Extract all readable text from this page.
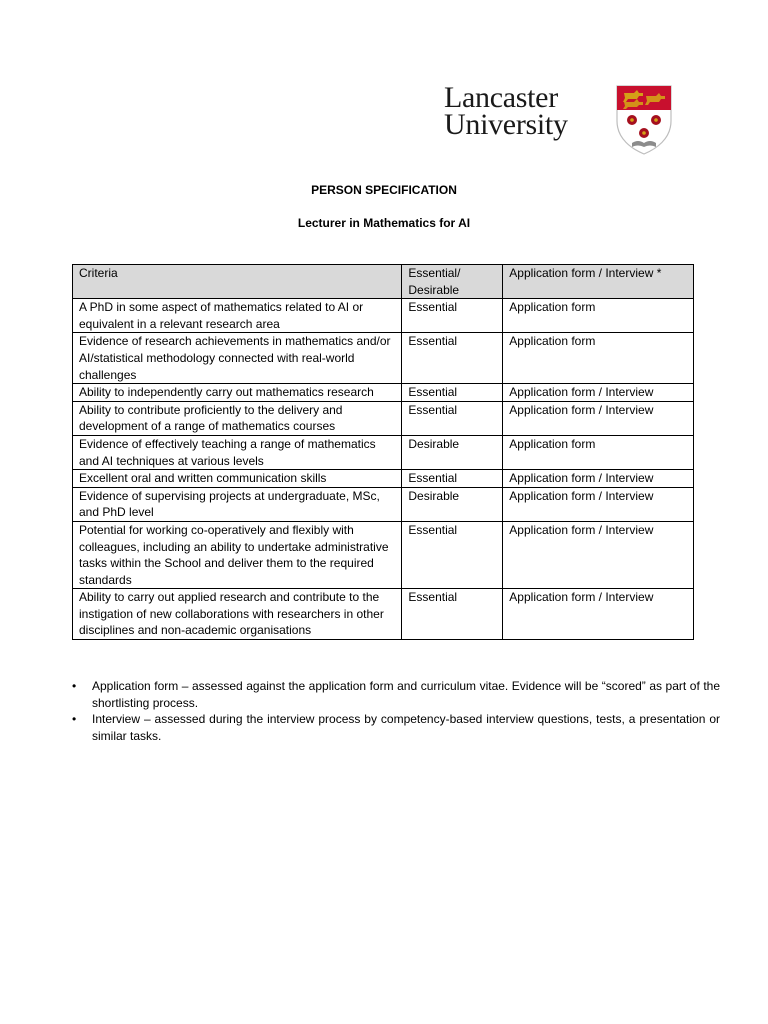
Lancaster
University
PERSON SPECIFICATION
Lecturer in Mathematics for AI
Criteria	Essential/ Desirable	Application form / Interview *
A PhD in some aspect of mathematics related to AI or equivalent in a relevant research area	Essential	Application form
Evidence of research achievements in mathematics and/or AI/statistical methodology connected with real-world challenges	Essential	Application form
Ability to independently carry out mathematics research	Essential	Application form / Interview
Ability to contribute proficiently to the delivery and development of a range of mathematics courses	Essential	Application form / Interview
Evidence of effectively teaching a range of mathematics and AI techniques at various levels	Desirable	Application form
Excellent oral and written communication skills	Essential	Application form / Interview
Evidence of supervising projects at undergraduate, MSc, and PhD level	Desirable	Application form / Interview
Potential for working co-operatively and flexibly with colleagues, including an ability to undertake administrative tasks within the School and deliver them to the required standards	Essential	Application form / Interview
Ability to carry out applied research and contribute to the instigation of new collaborations with researchers in other disciplines and non-academic organisations	Essential	Application form / Interview
• Application form – assessed against the application form and curriculum vitae. Evidence will be “scored” as part of the shortlisting process.
• Interview – assessed during the interview process by competency-based interview questions, tests, a presentation or similar tasks.
